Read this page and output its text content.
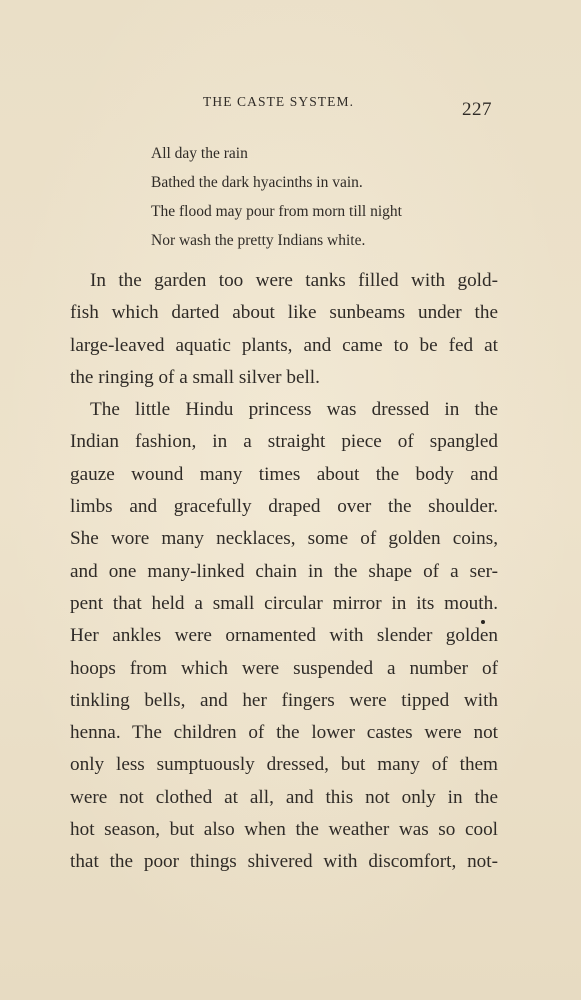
THE CASTE SYSTEM.	227
All day the rain
Bathed the dark hyacinths in vain.
The flood may pour from morn till night
Nor wash the pretty Indians white.
In the garden too were tanks filled with gold-
fish which darted about like sunbeams under the
large-leaved aquatic plants, and came to be fed at
the ringing of a small silver bell.
The little Hindu princess was dressed in the
Indian fashion, in a straight piece of spangled
gauze wound many times about the body and
limbs and gracefully draped over the shoulder.
She wore many necklaces, some of golden coins,
and one many-linked chain in the shape of a ser-
pent that held a small circular mirror in its mouth.
Her ankles were ornamented with slender golden
hoops from which were suspended a number of
tinkling bells, and her fingers were tipped with
henna. The children of the lower castes were not
only less sumptuously dressed, but many of them
were not clothed at all, and this not only in the
hot season, but also when the weather was so cool
that the poor things shivered with discomfort, not-
